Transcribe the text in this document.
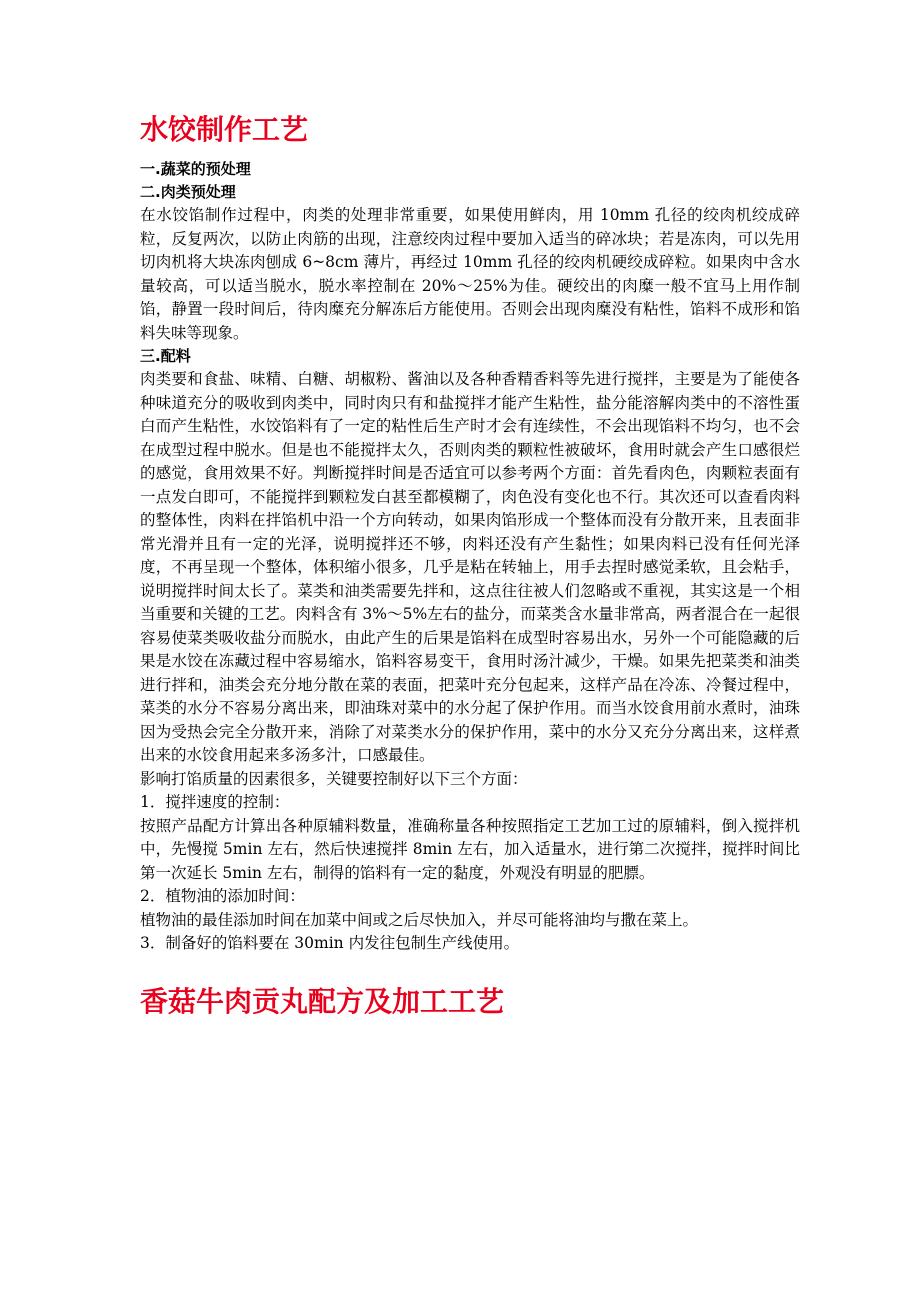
水饺制作工艺

一.蔬菜的预处理

二.肉类预处理

在水饺馅制作过程中，肉类的处理非常重要，如果使用鲜肉，用 10mm 孔径的绞肉机绞成碎粒，反复两次，以防止肉筋的出现，注意绞肉过程中要加入适当的碎冰块；若是冻肉，可以先用切肉机将大块冻肉刨成 6~8cm 薄片，再经过 10mm 孔径的绞肉机硬绞成碎粒。如果肉中含水量较高，可以适当脱水，脱水率控制在 20%～25%为佳。硬绞出的肉糜一般不宜马上用作制馅，静置一段时间后，待肉糜充分解冻后方能使用。否则会出现肉糜没有粘性，馅料不成形和馅料失味等现象。

三.配料

肉类要和食盐、味精、白糖、胡椒粉、酱油以及各种香精香料等先进行搅拌，主要是为了能使各种味道充分的吸收到肉类中，同时肉只有和盐搅拌才能产生粘性，盐分能溶解肉类中的不溶性蛋白而产生粘性，水饺馅料有了一定的粘性后生产时才会有连续性，不会出现馅料不均匀，也不会在成型过程中脱水。但是也不能搅拌太久，否则肉类的颗粒性被破坏，食用时就会产生口感很烂的感觉，食用效果不好。判断搅拌时间是否适宜可以参考两个方面：首先看肉色，肉颗粒表面有一点发白即可，不能搅拌到颗粒发白甚至都模糊了，肉色没有变化也不行。其次还可以查看肉料的整体性，肉料在拌馅机中沿一个方向转动，如果肉馅形成一个整体而没有分散开来，且表面非常光滑并且有一定的光泽，说明搅拌还不够，肉料还没有产生黏性；如果肉料已没有任何光泽度，不再呈现一个整体，体积缩小很多，几乎是粘在转轴上，用手去捏时感觉柔软，且会粘手，说明搅拌时间太长了。菜类和油类需要先拌和，这点往往被人们忽略或不重视，其实这是一个相当重要和关键的工艺。肉料含有 3%～5%左右的盐分，而菜类含水量非常高，两者混合在一起很容易使菜类吸收盐分而脱水，由此产生的后果是馅料在成型时容易出水，另外一个可能隐藏的后果是水饺在冻藏过程中容易缩水，馅料容易变干，食用时汤汁减少，干燥。如果先把菜类和油类进行拌和，油类会充分地分散在菜的表面，把菜叶充分包起来，这样产品在冷冻、冷餐过程中，菜类的水分不容易分离出来，即油珠对菜中的水分起了保护作用。而当水饺食用前水煮时，油珠因为受热会完全分散开来，消除了对菜类水分的保护作用，菜中的水分又充分分离出来，这样煮出来的水饺食用起来多汤多汁，口感最佳。

影响打馅质量的因素很多，关键要控制好以下三个方面：

1．搅拌速度的控制：

按照产品配方计算出各种原辅料数量，准确称量各种按照指定工艺加工过的原辅料，倒入搅拌机中，先慢搅 5min 左右，然后快速搅拌 8min 左右，加入适量水，进行第二次搅拌，搅拌时间比第一次延长 5min 左右，制得的馅料有一定的黏度，外观没有明显的肥膘。

2．植物油的添加时间：

植物油的最佳添加时间在加菜中间或之后尽快加入，并尽可能将油均与撒在菜上。

3．制备好的馅料要在 30min 内发往包制生产线使用。

香菇牛肉贡丸配方及加工工艺
